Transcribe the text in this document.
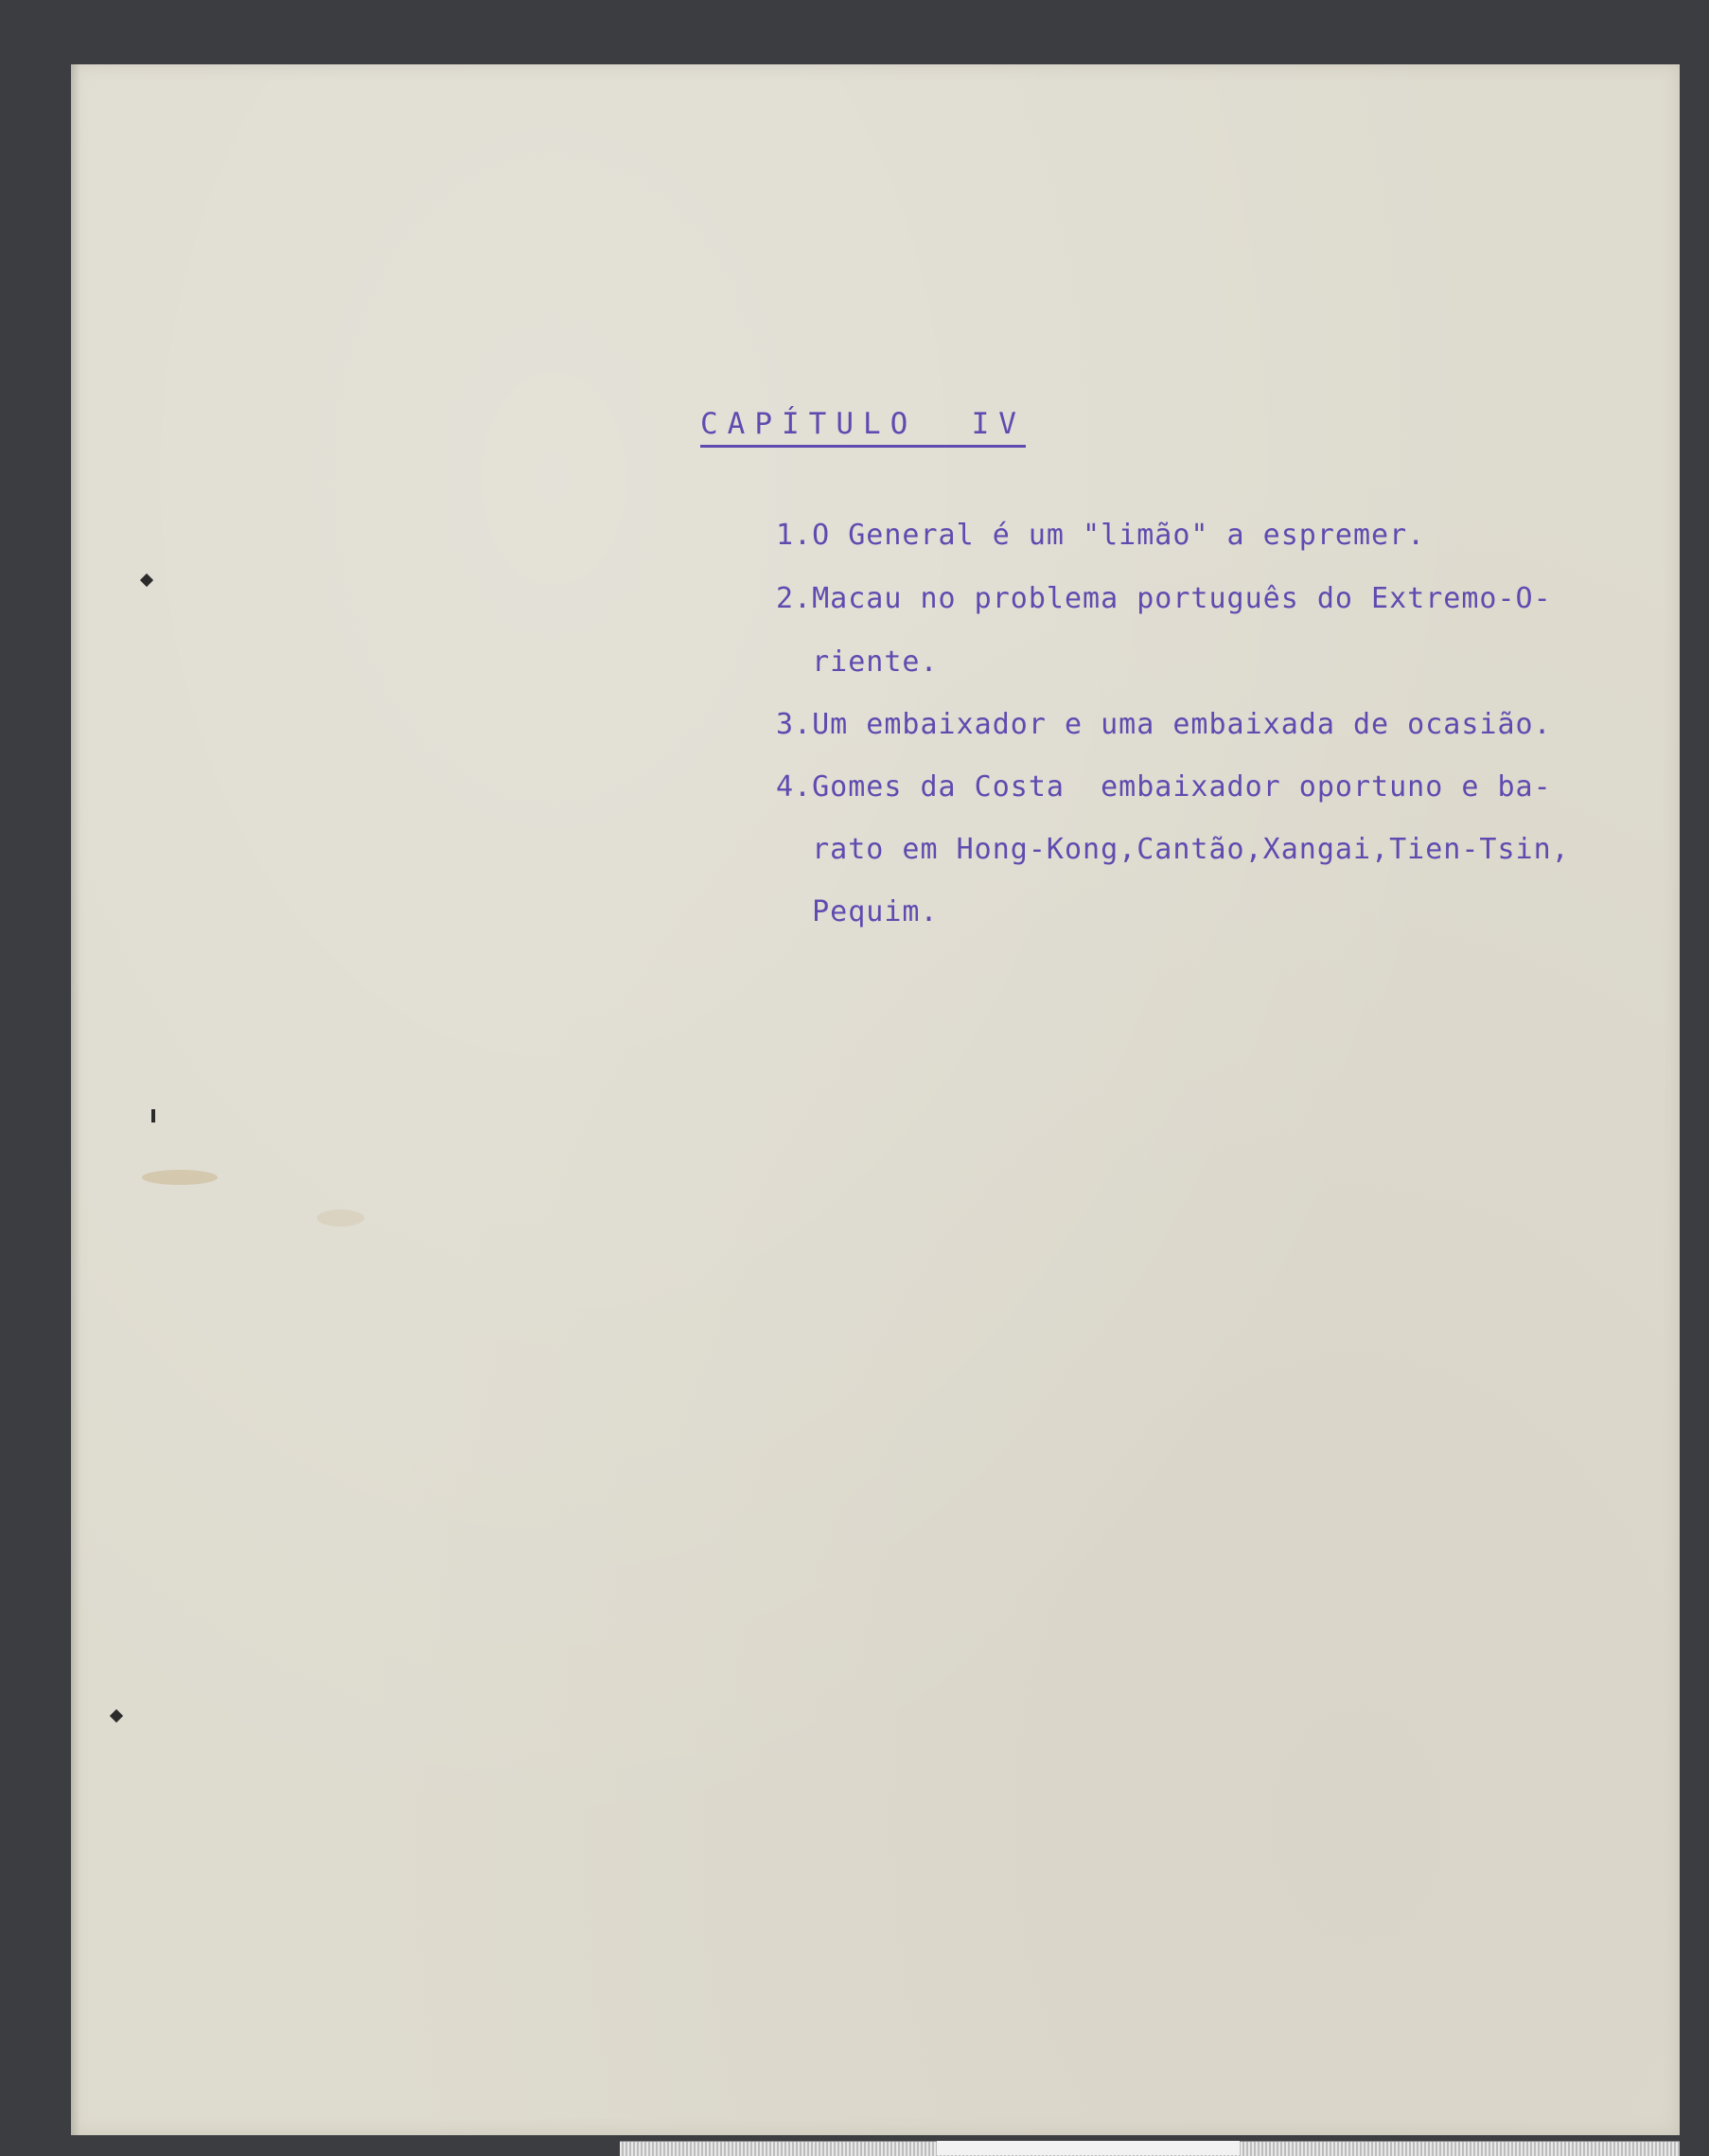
CAPÍTULO  IV
1.O General é um "limão" a espremer.
2.Macau no problema português do Extremo-O-
riente.
3.Um embaixador e uma embaixada de ocasião.
4.Gomes da Costa  embaixador oportuno e ba-
rato em Hong-Kong,Cantão,Xangai,Tien-Tsin,
Pequim.
